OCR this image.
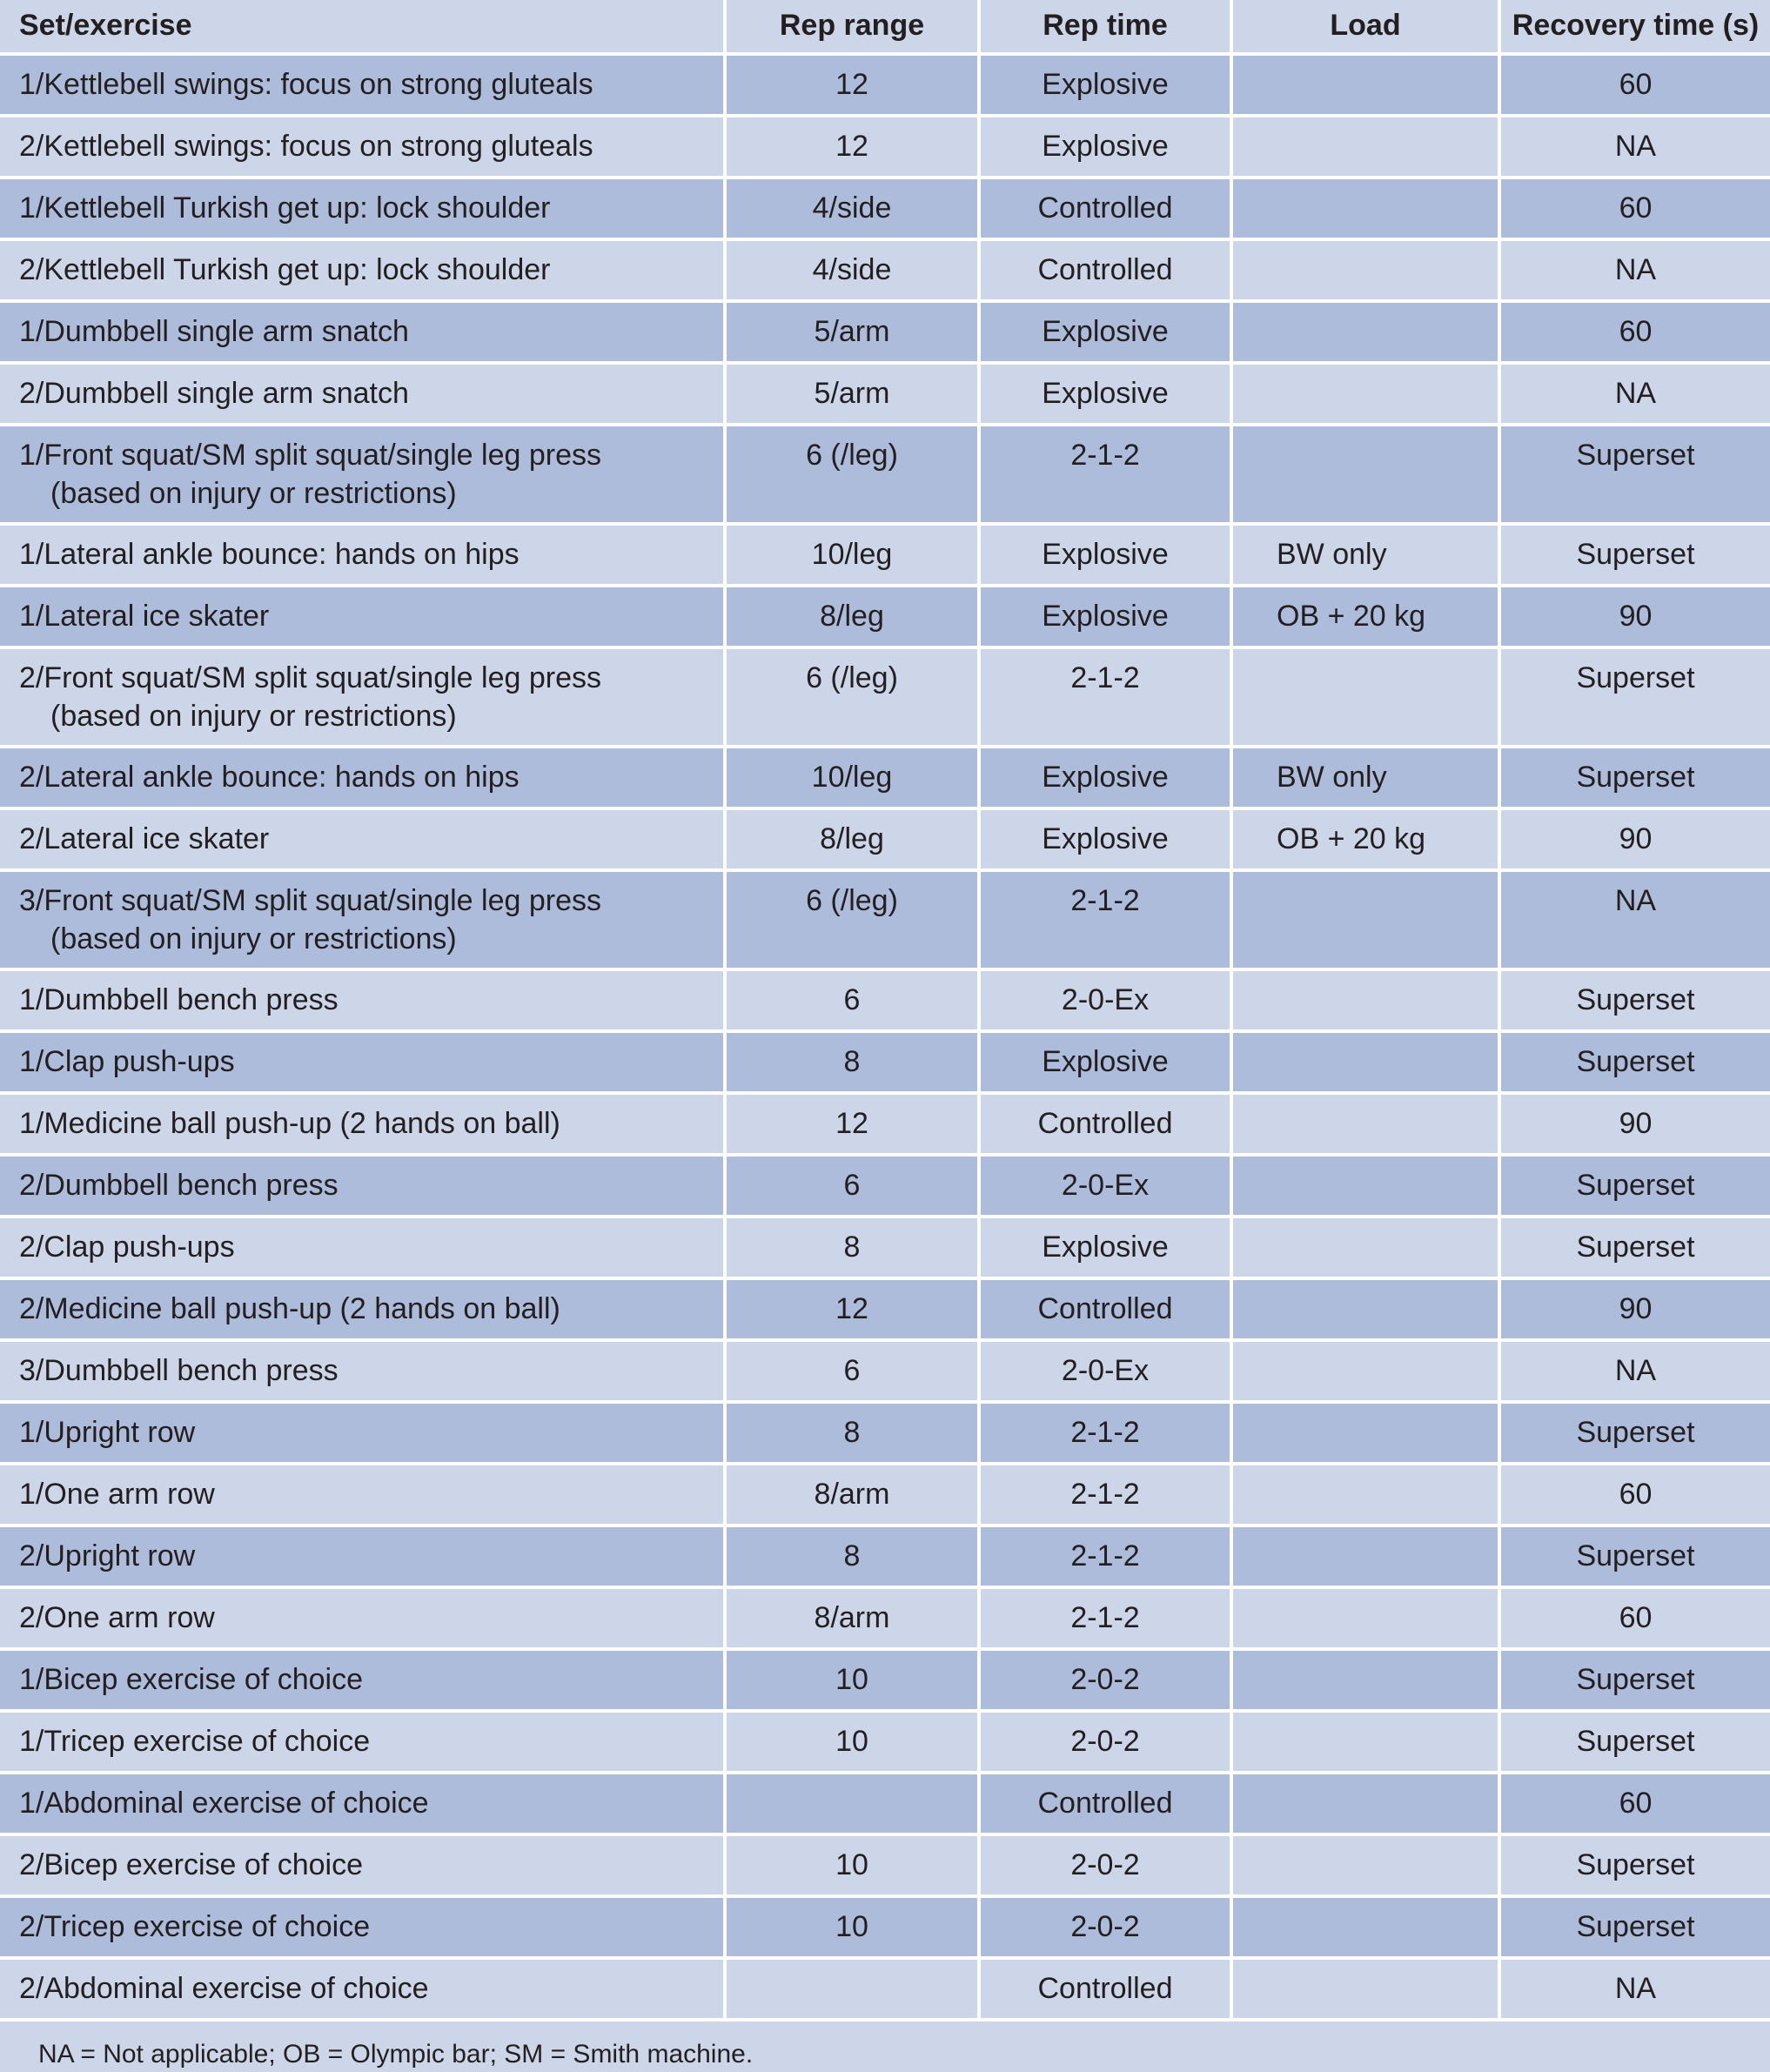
Set/exercise	Rep range	Rep time	Load	Recovery time (s)
1/Kettlebell swings: focus on strong gluteals	12	Explosive		60
2/Kettlebell swings: focus on strong gluteals	12	Explosive		NA
1/Kettlebell Turkish get up: lock shoulder	4/side	Controlled		60
2/Kettlebell Turkish get up: lock shoulder	4/side	Controlled		NA
1/Dumbbell single arm snatch	5/arm	Explosive		60
2/Dumbbell single arm snatch	5/arm	Explosive		NA
1/Front squat/SM split squat/single leg press
(based on injury or restrictions)	6 (/leg)	2-1-2		Superset
1/Lateral ankle bounce: hands on hips	10/leg	Explosive	BW only	Superset
1/Lateral ice skater	8/leg	Explosive	OB + 20 kg	90
2/Front squat/SM split squat/single leg press
(based on injury or restrictions)	6 (/leg)	2-1-2		Superset
2/Lateral ankle bounce: hands on hips	10/leg	Explosive	BW only	Superset
2/Lateral ice skater	8/leg	Explosive	OB + 20 kg	90
3/Front squat/SM split squat/single leg press
(based on injury or restrictions)	6 (/leg)	2-1-2		NA
1/Dumbbell bench press	6	2-0-Ex		Superset
1/Clap push-ups	8	Explosive		Superset
1/Medicine ball push-up (2 hands on ball)	12	Controlled		90
2/Dumbbell bench press	6	2-0-Ex		Superset
2/Clap push-ups	8	Explosive		Superset
2/Medicine ball push-up (2 hands on ball)	12	Controlled		90
3/Dumbbell bench press	6	2-0-Ex		NA
1/Upright row	8	2-1-2		Superset
1/One arm row	8/arm	2-1-2		60
2/Upright row	8	2-1-2		Superset
2/One arm row	8/arm	2-1-2		60
1/Bicep exercise of choice	10	2-0-2		Superset
1/Tricep exercise of choice	10	2-0-2		Superset
1/Abdominal exercise of choice		Controlled		60
2/Bicep exercise of choice	10	2-0-2		Superset
2/Tricep exercise of choice	10	2-0-2		Superset
2/Abdominal exercise of choice		Controlled		NA
NA = Not applicable; OB = Olympic bar; SM = Smith machine.
